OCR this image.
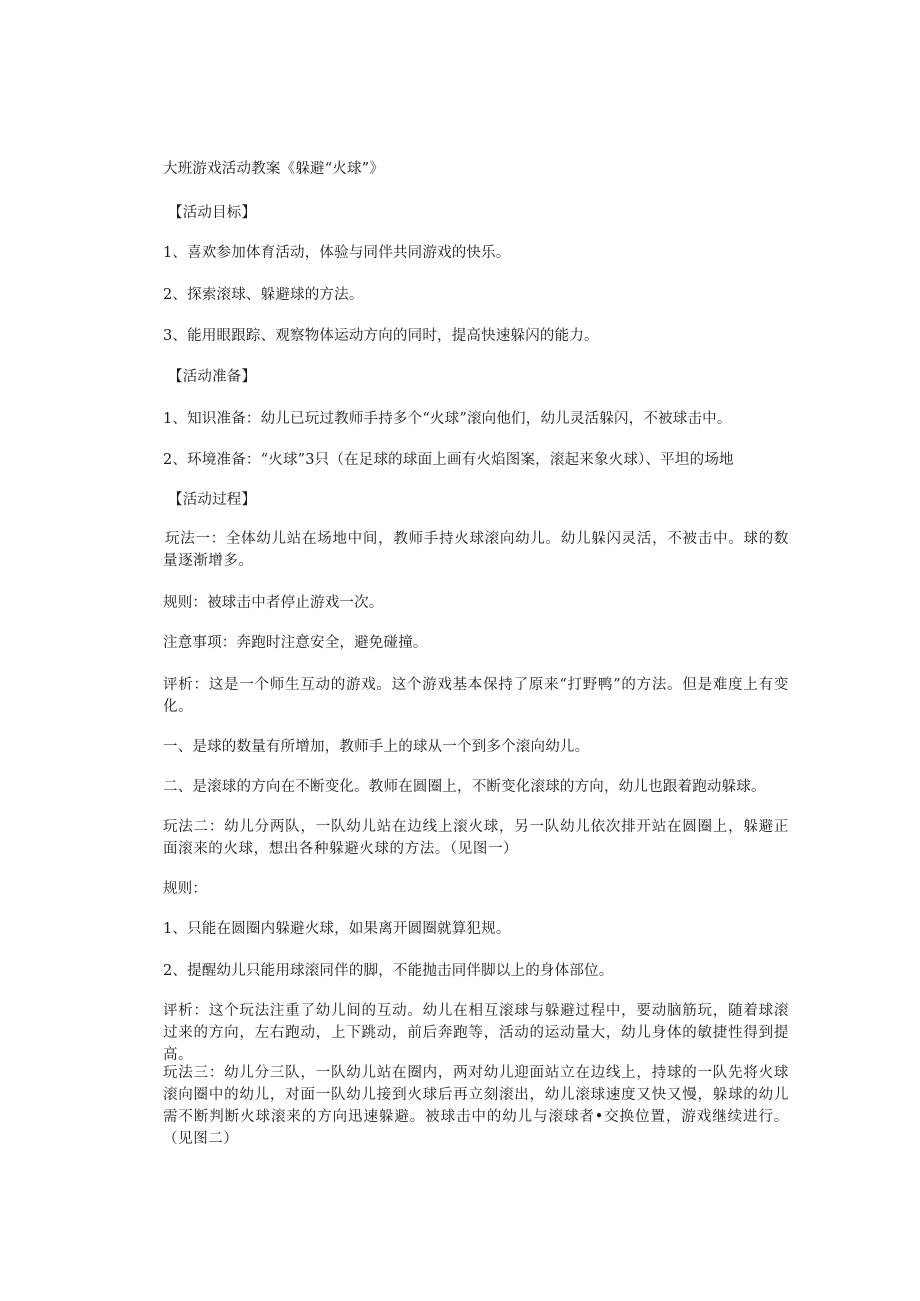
大班游戏活动教案《躲避“火球”》
【活动目标】
1、喜欢参加体育活动，体验与同伴共同游戏的快乐。
2、探索滚球、躲避球的方法。
3、能用眼跟踪、观察物体运动方向的同时，提高快速躲闪的能力。
【活动准备】
1、知识准备：幼儿已玩过教师手持多个“火球”滚向他们，幼儿灵活躲闪，不被球击中。
2、环境准备：“火球”3只（在足球的球面上画有火焰图案，滚起来象火球）、平坦的场地
【活动过程】
玩法一：全体幼儿站在场地中间，教师手持火球滚向幼儿。幼儿躲闪灵活，不被击中。球的数量逐渐增多。
规则：被球击中者停止游戏一次。
注意事项：奔跑时注意安全，避免碰撞。
评析：这是一个师生互动的游戏。这个游戏基本保持了原来“打野鸭”的方法。但是难度上有变化。
一、是球的数量有所增加，教师手上的球从一个到多个滚向幼儿。
二、是滚球的方向在不断变化。教师在圆圈上，不断变化滚球的方向，幼儿也跟着跑动躲球。
玩法二：幼儿分两队，一队幼儿站在边线上滚火球，另一队幼儿依次排开站在圆圈上，躲避正面滚来的火球，想出各种躲避火球的方法。（见图一）
规则：
1、只能在圆圈内躲避火球，如果离开圆圈就算犯规。
2、提醒幼儿只能用球滚同伴的脚，不能抛击同伴脚以上的身体部位。
评析：这个玩法注重了幼儿间的互动。幼儿在相互滚球与躲避过程中，要动脑筋玩，随着球滚过来的方向，左右跑动，上下跳动，前后奔跑等，活动的运动量大，幼儿身体的敏捷性得到提高。
玩法三：幼儿分三队，一队幼儿站在圈内，两对幼儿迎面站立在边线上，持球的一队先将火球滚向圈中的幼儿，对面一队幼儿接到火球后再立刻滚出，幼儿滚球速度又快又慢，躲球的幼儿需不断判断火球滚来的方向迅速躲避。被球击中的幼儿与滚球者•交换位置，游戏继续进行。（见图二）
